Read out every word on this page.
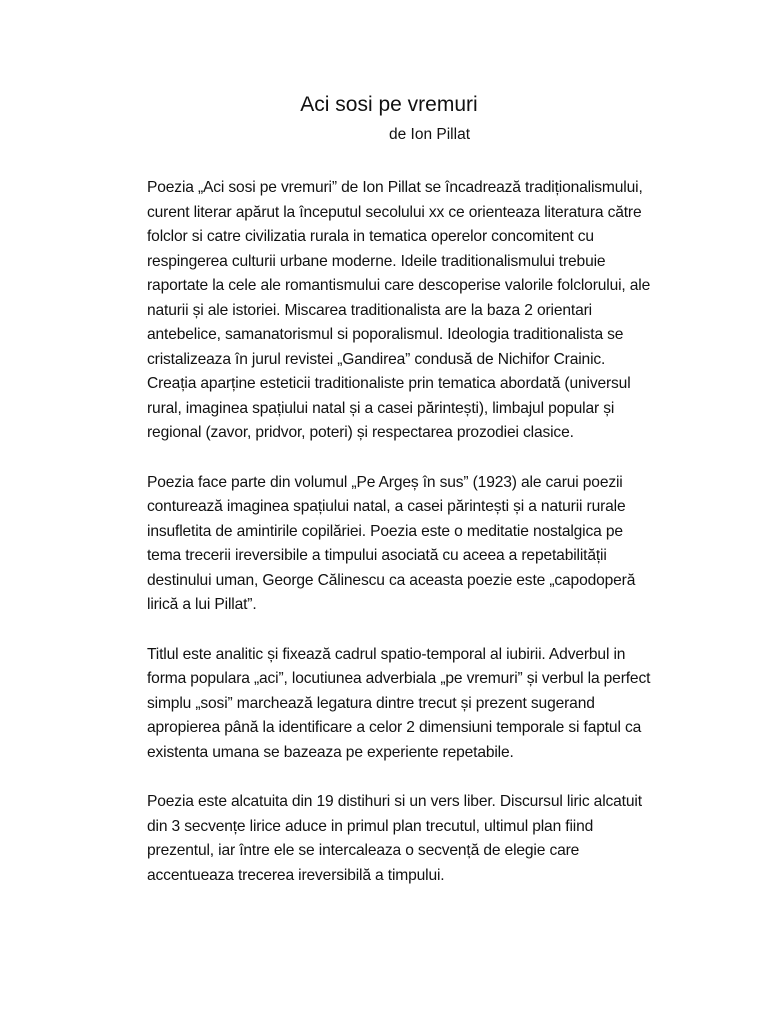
Aci sosi pe vremuri

de Ion Pillat

Poezia „Aci sosi pe vremuri” de Ion Pillat se încadrează tradiționalismului,
curent literar apărut la începutul secolului xx ce orienteaza literatura către
folclor si catre civilizatia rurala in tematica operelor concomitent cu
respingerea culturii urbane moderne. Ideile traditionalismului trebuie
raportate la cele ale romantismului care descoperise valorile folclorului, ale
naturii și ale istoriei. Miscarea traditionalista are la baza 2 orientari
antebelice, samanatorismul si poporalismul. Ideologia traditionalista se
cristalizeaza în jurul revistei „Gandirea” condusă de Nichifor Crainic.
Creația aparține esteticii traditionaliste prin tematica abordată (universul
rural, imaginea spațiului natal și a casei părintești), limbajul popular și
regional (zavor, pridvor, poteri) și respectarea prozodiei clasice.

Poezia face parte din volumul „Pe Argeș în sus” (1923) ale carui poezii
conturează imaginea spațiului natal, a casei părintești și a naturii rurale
insufletita de amintirile copilăriei. Poezia este o meditatie nostalgica pe
tema trecerii ireversibile a timpului asociată cu aceea a repetabilității
destinului uman, George Călinescu ca aceasta poezie este „capodoperă
lirică a lui Pillat”.

Titlul este analitic și fixează cadrul spatio-temporal al iubirii. Adverbul in
forma populara „aci”, locutiunea adverbiala „pe vremuri” și verbul la perfect
simplu „sosi” marchează legatura dintre trecut și prezent sugerand
apropierea până la identificare a celor 2 dimensiuni temporale si faptul ca
existenta umana se bazeaza pe experiente repetabile.

Poezia este alcatuita din 19 distihuri si un vers liber. Discursul liric alcatuit
din 3 secvențe lirice aduce in primul plan trecutul, ultimul plan fiind
prezentul, iar între ele se intercaleaza o secvență de elegie care
accentueaza trecerea ireversibilă a timpului.
